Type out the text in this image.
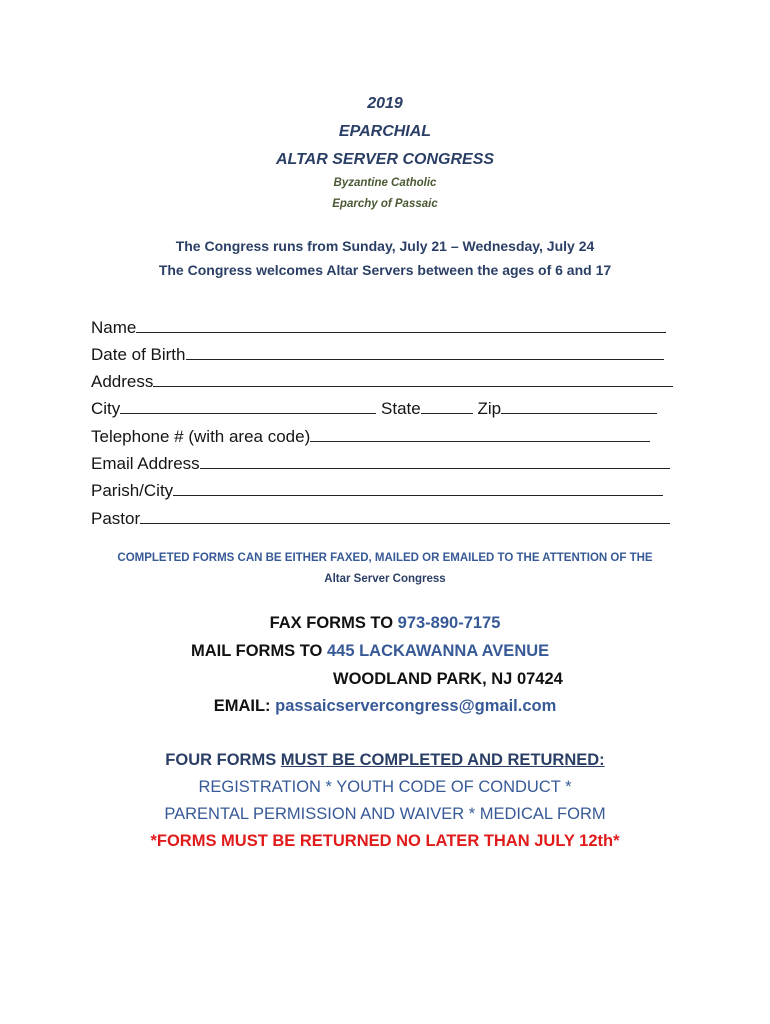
2019
EPARCHIAL
ALTAR SERVER CONGRESS
Byzantine Catholic
Eparchy of Passaic
The Congress runs from Sunday, July 21 – Wednesday, July 24
The Congress welcomes Altar Servers between the ages of 6 and 17
Name
Date of Birth
Address
City	State	Zip
Telephone # (with area code)
Email Address
Parish/City
Pastor
COMPLETED FORMS CAN BE EITHER FAXED, MAILED OR EMAILED TO THE ATTENTION OF THE
Altar Server Congress
FAX FORMS TO 973-890-7175
MAIL FORMS TO 445 LACKAWANNA AVENUE
WOODLAND PARK, NJ 07424
EMAIL: passaicservercongress@gmail.com
FOUR FORMS MUST BE COMPLETED AND RETURNED:
REGISTRATION * YOUTH CODE OF CONDUCT *
PARENTAL PERMISSION AND WAIVER * MEDICAL FORM
*FORMS MUST BE RETURNED NO LATER THAN JULY 12th*
